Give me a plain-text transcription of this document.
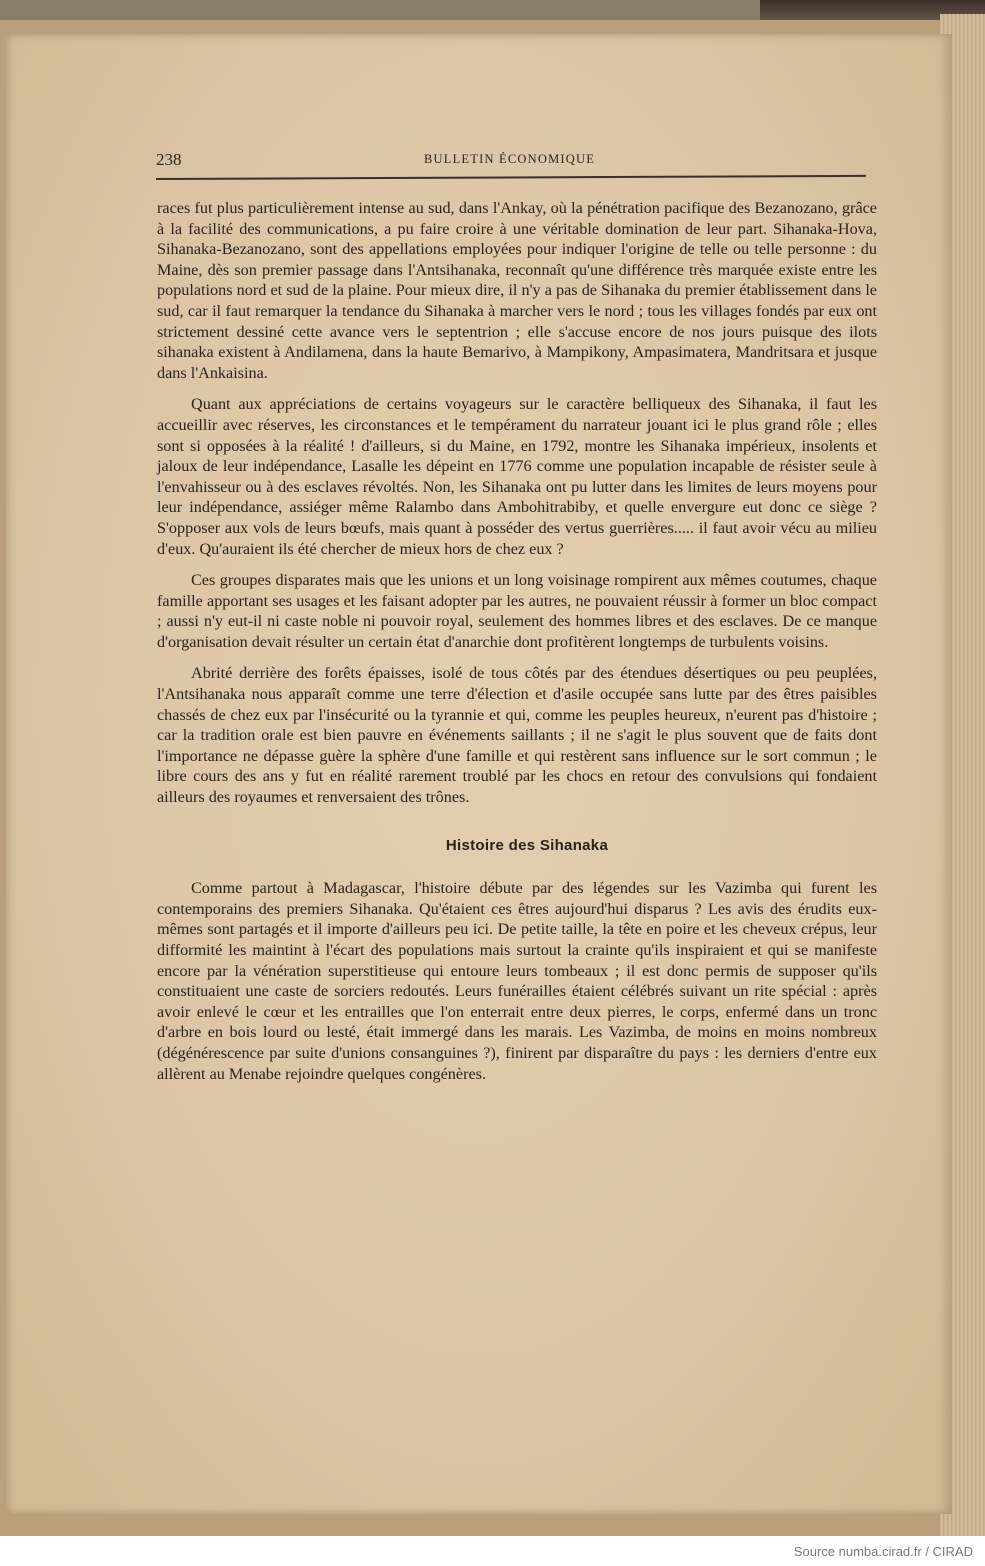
238	BULLETIN ÉCONOMIQUE

races fut plus particulièrement intense au sud, dans l'Ankay, où la pénétration pacifique des Bezanozano, grâce à la facilité des communications, a pu faire croire à une véritable domination de leur part. Sihanaka-Hova, Sihanaka-Bezanozano, sont des appellations employées pour indiquer l'origine de telle ou telle personne : du Maine, dès son premier passage dans l'Antsihanaka, reconnaît qu'une différence très marquée existe entre les populations nord et sud de la plaine. Pour mieux dire, il n'y a pas de Sihanaka du premier établissement dans le sud, car il faut remarquer la tendance du Sihanaka à marcher vers le nord ; tous les villages fondés par eux ont strictement dessiné cette avance vers le septentrion ; elle s'accuse encore de nos jours puisque des ilots sihanaka existent à Andilamena, dans la haute Bemarivo, à Mampikony, Ampasimatera, Mandritsara et jusque dans l'Ankaisina.

Quant aux appréciations de certains voyageurs sur le caractère belliqueux des Sihanaka, il faut les accueillir avec réserves, les circonstances et le tempérament du narrateur jouant ici le plus grand rôle ; elles sont si opposées à la réalité ! d'ailleurs, si du Maine, en 1792, montre les Sihanaka impérieux, insolents et jaloux de leur indépendance, Lasalle les dépeint en 1776 comme une population incapable de résister seule à l'envahisseur ou à des esclaves révoltés. Non, les Sihanaka ont pu lutter dans les limites de leurs moyens pour leur indépendance, assiéger même Ralambo dans Ambohitrabiby, et quelle envergure eut donc ce siège ? S'opposer aux vols de leurs bœufs, mais quant à posséder des vertus guerrières..... il faut avoir vécu au milieu d'eux. Qu'auraient ils été chercher de mieux hors de chez eux ?

Ces groupes disparates mais que les unions et un long voisinage rompirent aux mêmes coutumes, chaque famille apportant ses usages et les faisant adopter par les autres, ne pouvaient réussir à former un bloc compact ; aussi n'y eut-il ni caste noble ni pouvoir royal, seulement des hommes libres et des esclaves. De ce manque d'organisation devait résulter un certain état d'anarchie dont profitèrent longtemps de turbulents voisins.

Abrité derrière des forêts épaisses, isolé de tous côtés par des étendues désertiques ou peu peuplées, l'Antsihanaka nous apparaît comme une terre d'élection et d'asile occupée sans lutte par des êtres paisibles chassés de chez eux par l'insécurité ou la tyrannie et qui, comme les peuples heureux, n'eurent pas d'histoire ; car la tradition orale est bien pauvre en événements saillants ; il ne s'agit le plus souvent que de faits dont l'importance ne dépasse guère la sphère d'une famille et qui restèrent sans influence sur le sort commun ; le libre cours des ans y fut en réalité rarement troublé par les chocs en retour des convulsions qui fondaient ailleurs des royaumes et renversaient des trônes.

Histoire des Sihanaka

Comme partout à Madagascar, l'histoire débute par des légendes sur les Vazimba qui furent les contemporains des premiers Sihanaka. Qu'étaient ces êtres aujourd'hui disparus ? Les avis des érudits eux-mêmes sont partagés et il importe d'ailleurs peu ici. De petite taille, la tête en poire et les cheveux crépus, leur difformité les maintint à l'écart des populations mais surtout la crainte qu'ils inspiraient et qui se manifeste encore par la vénération superstitieuse qui entoure leurs tombeaux ; il est donc permis de supposer qu'ils constituaient une caste de sorciers redoutés. Leurs funérailles étaient célébrés suivant un rite spécial : après avoir enlevé le cœur et les entrailles que l'on enterrait entre deux pierres, le corps, enfermé dans un tronc d'arbre en bois lourd ou lesté, était immergé dans les marais. Les Vazimba, de moins en moins nombreux (dégénérescence par suite d'unions consanguines ?), finirent par disparaître du pays : les derniers d'entre eux allèrent au Menabe rejoindre quelques congénères.

Source numba.cirad.fr / CIRAD
